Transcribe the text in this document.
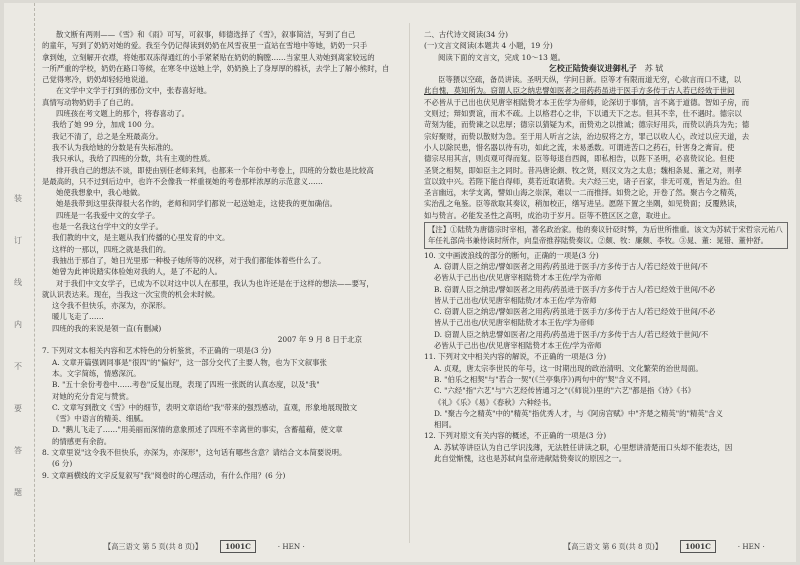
装
订
线
内
不
要
答
题

散文断有两则——《雪》和《雨》可写，可叙事，师德选择了《雪》，叙事简洁，写到了自己

的童年，写到了奶奶对她的爱。我至今仍记得读到奶奶在风雪夜里一直站在雪地中等她，奶奶一只手

拿到她，立刻解开衣襟，将她那双冻得通红的小手紧紧贴在奶奶的胸膛……当家里人劝她到离家较远的

一所严重的学校，奶奶在路口等候，在寒冬中送她上学，奶奶换上了身厚厚的棉袄，去学上了解小熊时，自

己觉得寒冷，奶奶却轻轻地说道。

在文学中文学于打到的那份文中，张春喜好地。

真情写动物奶奶手了自己的。

四班孩在考文题上的那个，将春喜动了。

我给了她 99 分，加成 100 分。

我记不清了，总之是全班最高分。

我不认为我给她的分数是有失标准的。

我只承认，我给了四班的分数，共有主观的性质。

排开我自己的想法不谈，即使由别任老师来判，也都来一个年份中考卷上，四班的分数也是比较高

是最高的，只不过到后边中，也许不会像我一样重视她的考卷那样浓厚的示范意义……

她使我想象中，我心地做。

她是我带到这里获得很大名作的，老师和同学们都说一起送她走，这使我的更加确信。

四班是一名我爱中文的女学子。

也是一名我这台学中文的女学子。

我们教的中文，是主题从我们传播的心里发育的中文。

这样的一那以，四班之就是我们的。

我抽出于那自了，她日光里那一种极子她所等的况移，对于我们都能体着些什么了。

她曾为此神说踏实体验她对我的人，是了不起的人。

对于我们中文女学子，已成为不以对这中以人在那里，我认为也许还是在于这样的想法——要写，

就认识表达来。现在，当我这一次宝贵的机会未时候。

这令我不但快乐，亦深为，亦深形。

暖儿飞走了……

四班的我的来说是领一直(有删减)

2007 年 9 月 8 日于北京

7. 下列对文本相关内容和艺术特色的分析鉴赏，不正确的一项是(3 分)

A. 文章开篇强调同事是"很四"的"偏好"，这一部分交代了主要人物，也为下文叙事张

本。文字简练，情感深沉。

B. "五十余份考卷中……考卷"反复出现，表现了四班一张既的认真态度，以及"我"

对她的充分肯定与赞赏。

C. 文章写到散文《雪》中的细节，表明文章语给"我"带来的强烈感动，直观，形象地展现散文

《雪》中语言的精美、细腻。

D. "鹅儿飞走了……"用美丽而深情的意象照述了四班不幸离世的事实，含蓄蕴藉，使文章

的情感更有余韵。

8. 文章里说"这令我不但快乐，亦深为，亦深形"，这句话有哪些含意？请结合文本简要说明。

(6 分)

9. 文章画横线的文字反复叙写"我"阅卷时的心理活动，有什么作用？(6 分)

二、古代诗文阅读(34 分)

(一)文言文阅读(本题共 4 小题，19 分)

阅读下面的文言文，完成 10～13 题。

乞校正陆贽奏议进御札子 苏 轼

臣等猥以空疏，备员讲读。圣明天纵，学问日新。臣等才有限而道无穷，心欲言而口不逮，以

此自愧，莫知所为。窃谓人臣之纳忠譬如医者之用药药虽进于医手方多传于古人若已经效于世间

不必皆从于己出也伏见唐宰相陆贽才本王佐学为帝师，论深切于事情，言不离于道德。智如子房，而

文则过；辩如贾谊，而术不疏。上以格君心之非，下以通天下之志。但其不幸，仕不遇时。德宗以

苛刻为能，而贽谏之以忠厚；德宗以猜疑为术，而贽劝之以推诚；德宗好用兵，而贽以消兵为先；德

宗好聚财，而贽以散财为急。至于用人听言之法，治边驭将之方，罪己以收人心，改过以应天道，去

小人以除民患，惜名器以待有功，如此之流，未易悉数。可谓进苦口之药石，针害身之膏肓。使

德宗尽用其言，则贞观可得而复。臣等每退自西阁，即私相告，以陛下圣明，必喜贽议论。但使

圣贤之相契，即如臣主之同时。昔冯唐论颇、牧之贤，则汉文为之太息；魏相条晁、董之对，则孝

宣以致中兴。若陛下能自得师，莫若近取诸贽。夫六经三史，诸子百家，非无可观，皆足为治。但

圣言幽远，末学支离，譬如山海之崇深，难以一二而推择。如贽之论，开卷了然。聚古今之精英，

实治乱之龟鉴。臣等欲取其奏议，稍加校正，缮写进呈。愿陛下置之坐隅，如见贽面；反覆熟读，

如与贽言。必能发圣性之高明，成治功于岁月。臣等不胜区区之意，取进止。

【注】①陆贽为唐德宗时宰相，著名政治家。他的奏议针砭时弊，为后世所推重。该文为苏轼于宋哲宗元祐八年任礼部尚书兼侍读时所作，向皇帝推荐陆贽奏议。②颇、牧：廉颇、李牧。③晁、董：晁错、董仲舒。

10. 文中画波浪线的部分的断句，正确的一项是(3 分)

A. 窃谓人臣之纳忠/譬如医者之用药/药虽进于医手/方多传于古人/若已经效于世间/不

必皆从于己出也/伏见唐宰相陆贽才本王佐/学为帝师

B. 窃谓人臣之纳忠/譬如医者之用药/药虽进于医手/方多传于古人/若已经效于世间/不必

皆从于己出也/伏见唐宰相陆贽/才本王佐/学为帝师

C. 窃谓人臣之纳忠/譬如医者之用药/药虽进于医手方/多传于古人/若已经效于世间/不必

皆从于己出也/伏见唐宰相陆贽才本王佐/学为帝师

D. 窃谓人臣之纳忠譬如医者/之用药/药虽进于医手/方多传于古人/若已经效于世间/不

必皆从于己出也/伏见唐宰相陆贽才本王佐/学为帝师

11. 下列对文中相关内容的解说，不正确的一项是(3 分)

A. 贞观，唐太宗李世民的年号，这一时期出现的政治清明、文化繁荣的治世局面。

B. "伯乐之相契"与"若合一契"(《兰亭集序》)两句中的"契"含义不同。

C. "六经"指"六艺"与"六艺经传皆通习之"(《师说》)里的"六艺"都是指《诗》《书》

《礼》《乐》《易》《春秋》六种经书。

D. "聚古今之精英"中的"精英"指优秀人才，与《阿房宫赋》中"齐楚之精英"的"精英"含义

相同。

12. 下列对原文有关内容的概述，不正确的一项是(3 分)

A. 苏轼等讲臣认为自己学识浅薄，无法胜任讲读之职，心里想讲清楚而口头却不能表达，因

此自觉惭愧，这也是苏轼向皇帝进献陆贽奏议的原因之一。

【高三语文 第 5 页(共 8 页)】	1001C	· HEN ·	【高三语文 第 6 页(共 8 页)】	1001C	· HEN ·
